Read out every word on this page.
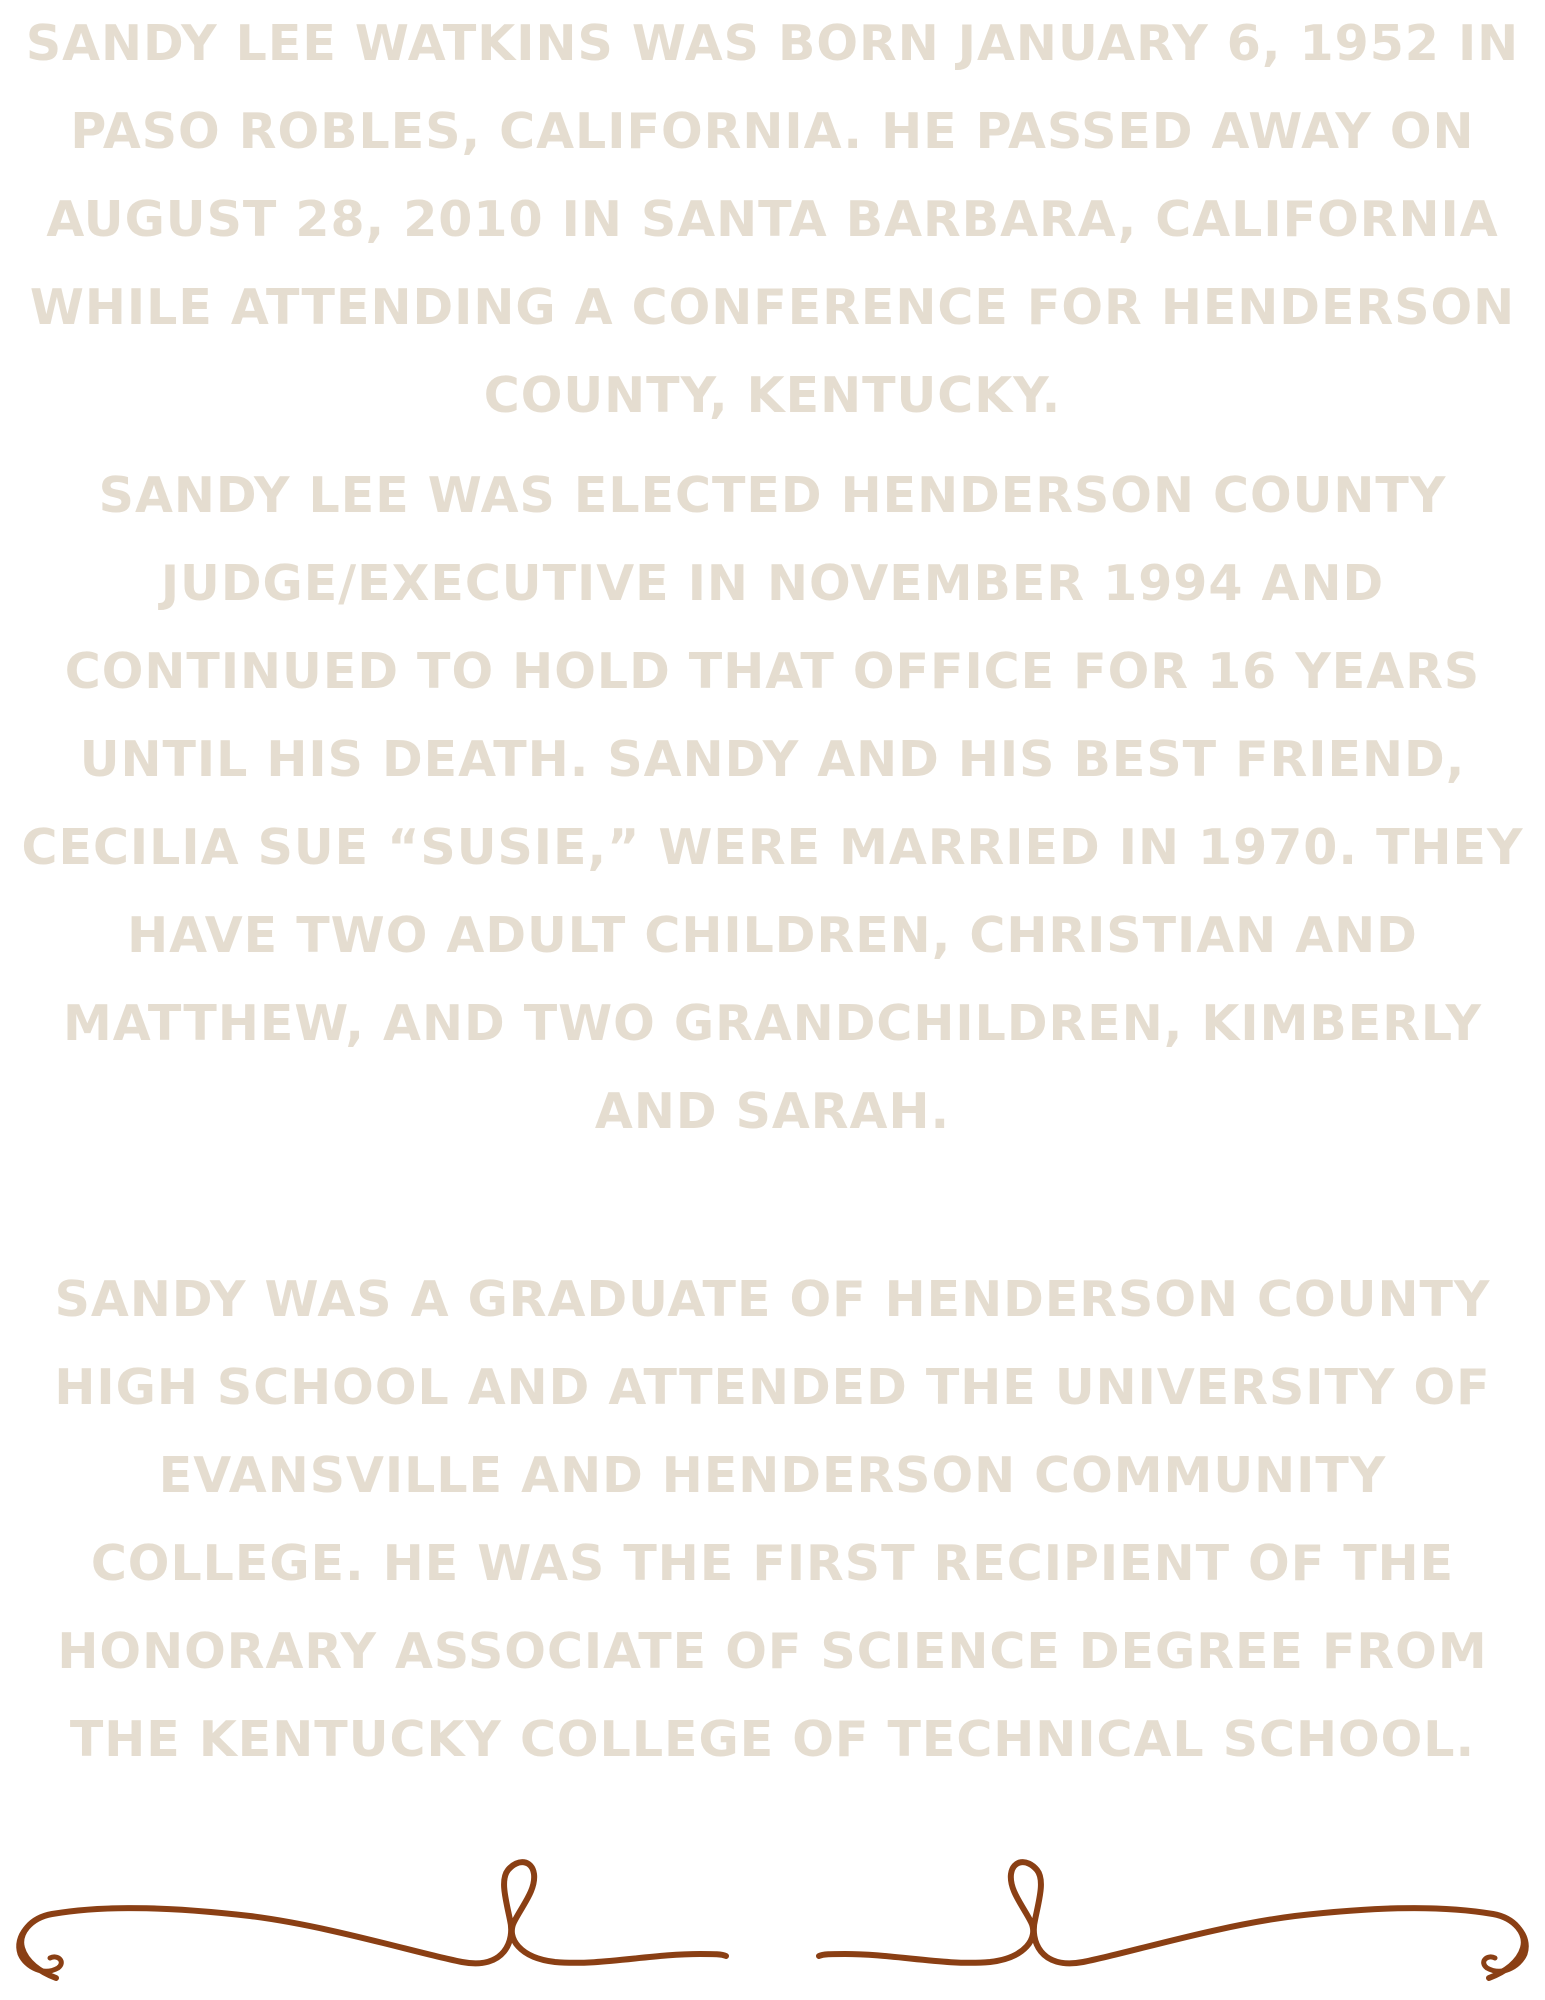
SANDY LEE WATKINS WAS BORN JANUARY 6, 1952 IN PASO ROBLES, CALIFORNIA. HE PASSED AWAY ON AUGUST 28, 2010 IN SANTA BARBARA, CALIFORNIA WHILE ATTENDING A CONFERENCE FOR HENDERSON COUNTY, KENTUCKY.

SANDY LEE WAS ELECTED HENDERSON COUNTY JUDGE/EXECUTIVE IN NOVEMBER 1994 AND CONTINUED TO HOLD THAT OFFICE FOR 16 YEARS UNTIL HIS DEATH. SANDY AND HIS BEST FRIEND, CECILIA SUE “SUSIE,” WERE MARRIED IN 1970. THEY HAVE TWO ADULT CHILDREN, CHRISTIAN AND MATTHEW, AND TWO GRANDCHILDREN, KIMBERLY AND SARAH.

SANDY WAS A GRADUATE OF HENDERSON COUNTY HIGH SCHOOL AND ATTENDED THE UNIVERSITY OF EVANSVILLE AND HENDERSON COMMUNITY COLLEGE. HE WAS THE FIRST RECIPIENT OF THE HONORARY ASSOCIATE OF SCIENCE DEGREE FROM THE KENTUCKY COLLEGE OF TECHNICAL SCHOOL.
